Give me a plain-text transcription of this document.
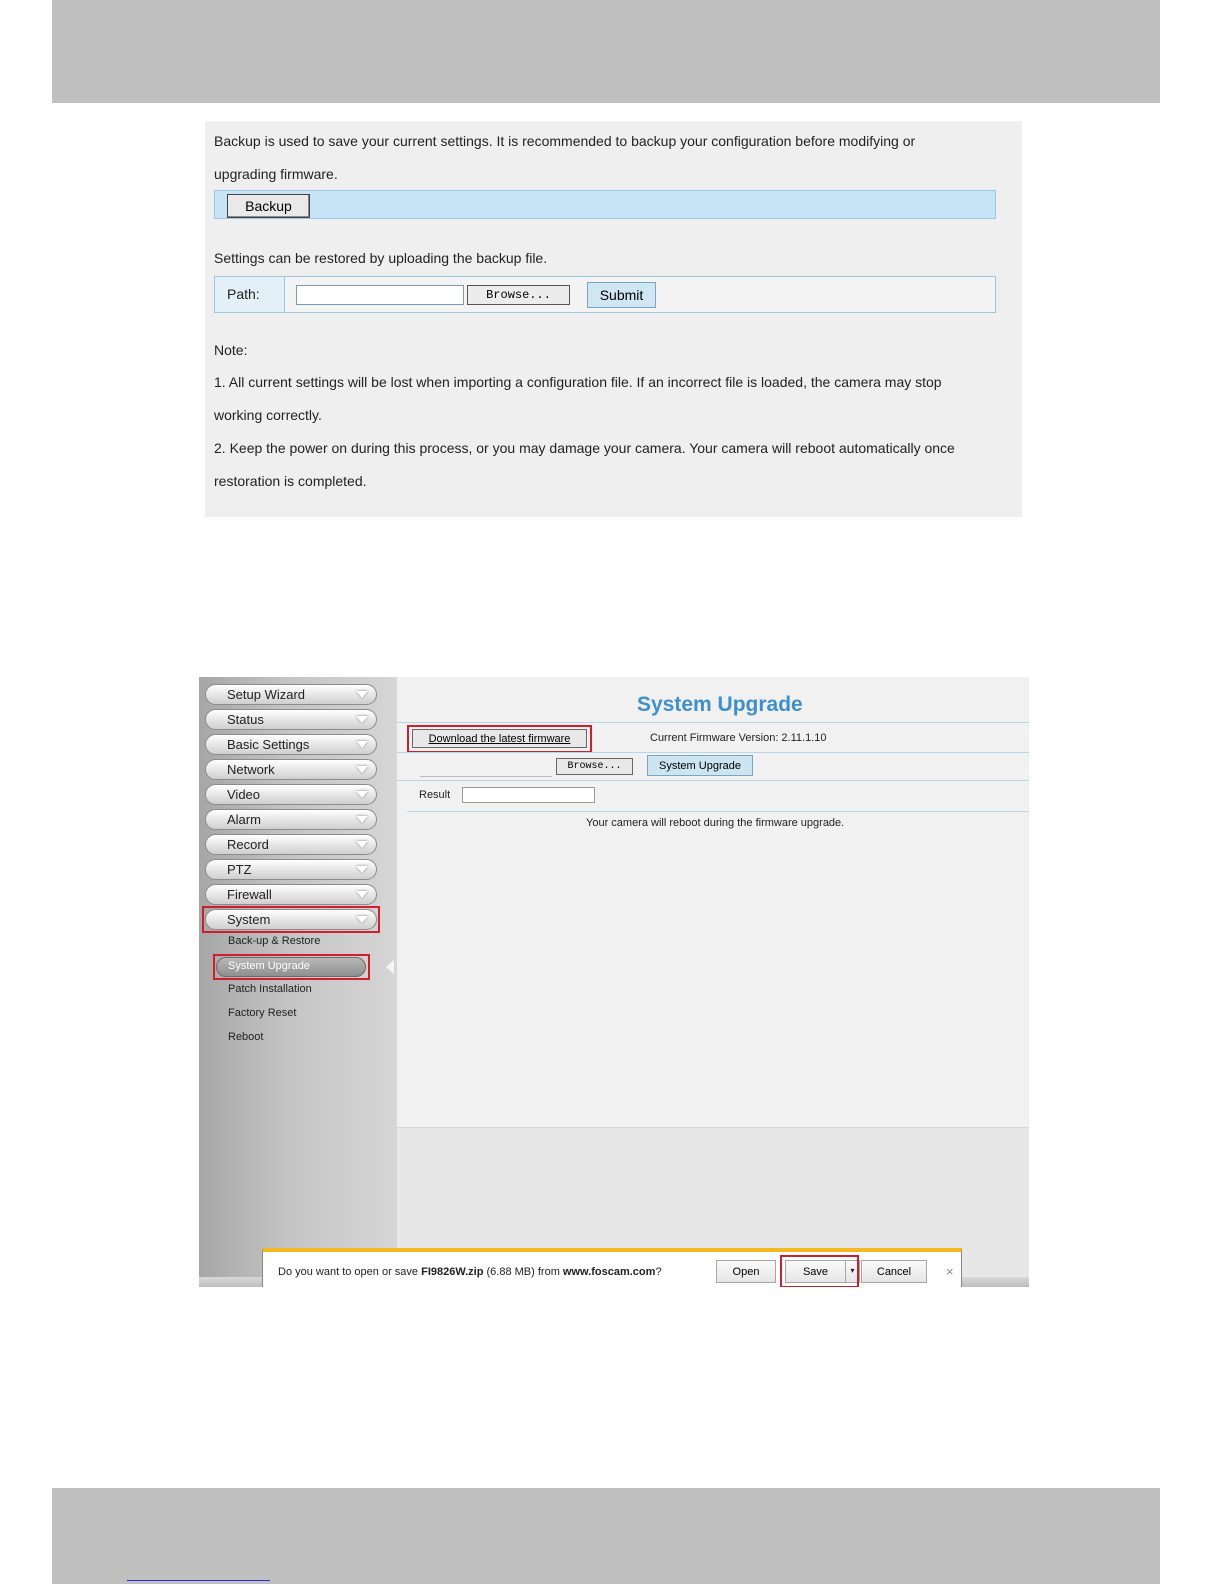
Backup is used to save your current settings. It is recommended to backup your configuration before modifying or
upgrading firmware.
Backup
Settings can be restored by uploading the backup file.
Path:	Browse...	Submit
Note:
1. All current settings will be lost when importing a configuration file. If an incorrect file is loaded, the camera may stop
working correctly.
2. Keep the power on during this process, or you may damage your camera. Your camera will reboot automatically once
restoration is completed.
Setup Wizard
Status
Basic Settings
Network
Video
Alarm
Record
PTZ
Firewall
System
Back-up & Restore
System Upgrade
Patch Installation
Factory Reset
Reboot
System Upgrade
Download the latest firmware	Current Firmware Version: 2.11.1.10
Browse...	System Upgrade
Result
Your camera will reboot during the firmware upgrade.
Do you want to open or save FI9826W.zip (6.88 MB) from www.foscam.com?	Open	Save	▾	Cancel	×
